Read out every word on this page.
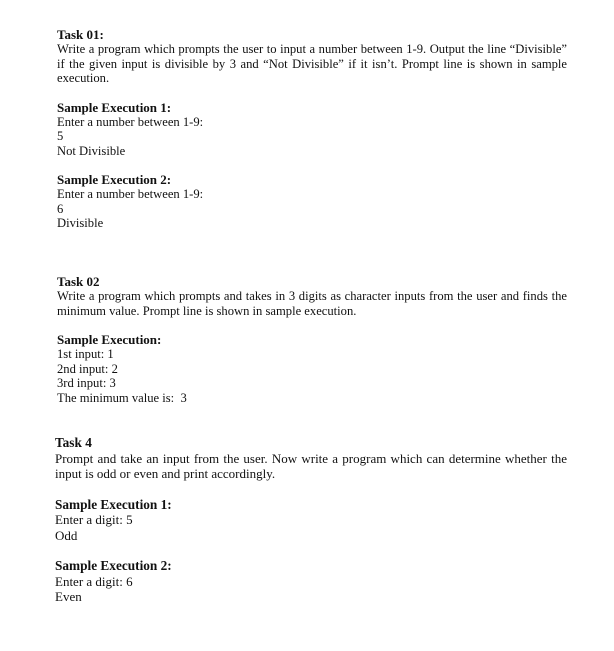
Task 01:

Write a program which prompts the user to input a number between 1-9. Output the line “Divisible” if the given input is divisible by 3 and “Not Divisible” if it isn’t. Prompt line is shown in sample execution.

Sample Execution 1:

Enter a number between 1-9:

5

Not Divisible

Sample Execution 2:

Enter a number between 1-9:

6

Divisible

Task 02

Write a program which prompts and takes in 3 digits as character inputs from the user and finds the minimum value. Prompt line is shown in sample execution.

Sample Execution:

1st input: 1

2nd input: 2

3rd input: 3

The minimum value is:  3

Task 4

Prompt and take an input from the user. Now write a program which can determine whether the input is odd or even and print accordingly.

Sample Execution 1:

Enter a digit: 5

Odd

Sample Execution 2:

Enter a digit: 6

Even
